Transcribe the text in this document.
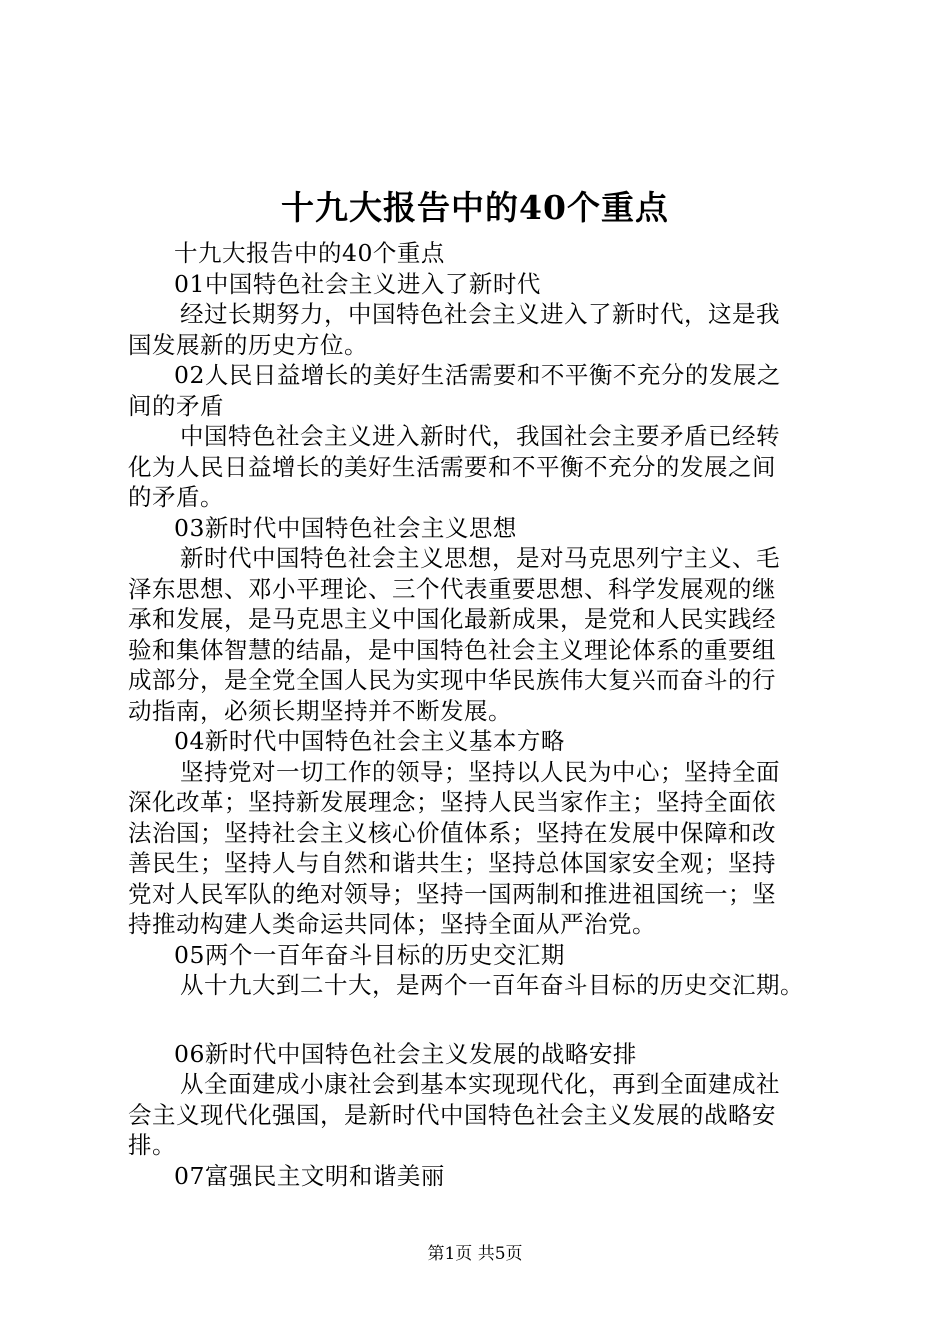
十九大报告中的40个重点
十九大报告中的40个重点
01中国特色社会主义进入了新时代
经过长期努力，中国特色社会主义进入了新时代，这是我
国发展新的历史方位。
02人民日益增长的美好生活需要和不平衡不充分的发展之
间的矛盾
中国特色社会主义进入新时代，我国社会主要矛盾已经转
化为人民日益增长的美好生活需要和不平衡不充分的发展之间
的矛盾。
03新时代中国特色社会主义思想
新时代中国特色社会主义思想，是对马克思列宁主义、毛
泽东思想、邓小平理论、三个代表重要思想、科学发展观的继
承和发展，是马克思主义中国化最新成果，是党和人民实践经
验和集体智慧的结晶，是中国特色社会主义理论体系的重要组
成部分，是全党全国人民为实现中华民族伟大复兴而奋斗的行
动指南，必须长期坚持并不断发展。
04新时代中国特色社会主义基本方略
坚持党对一切工作的领导；坚持以人民为中心；坚持全面
深化改革；坚持新发展理念；坚持人民当家作主；坚持全面依
法治国；坚持社会主义核心价值体系；坚持在发展中保障和改
善民生；坚持人与自然和谐共生；坚持总体国家安全观；坚持
党对人民军队的绝对领导；坚持一国两制和推进祖国统一；坚
持推动构建人类命运共同体；坚持全面从严治党。
05两个一百年奋斗目标的历史交汇期
从十九大到二十大，是两个一百年奋斗目标的历史交汇期。
06新时代中国特色社会主义发展的战略安排
从全面建成小康社会到基本实现现代化，再到全面建成社
会主义现代化强国，是新时代中国特色社会主义发展的战略安
排。
07富强民主文明和谐美丽
第1页 共5页
